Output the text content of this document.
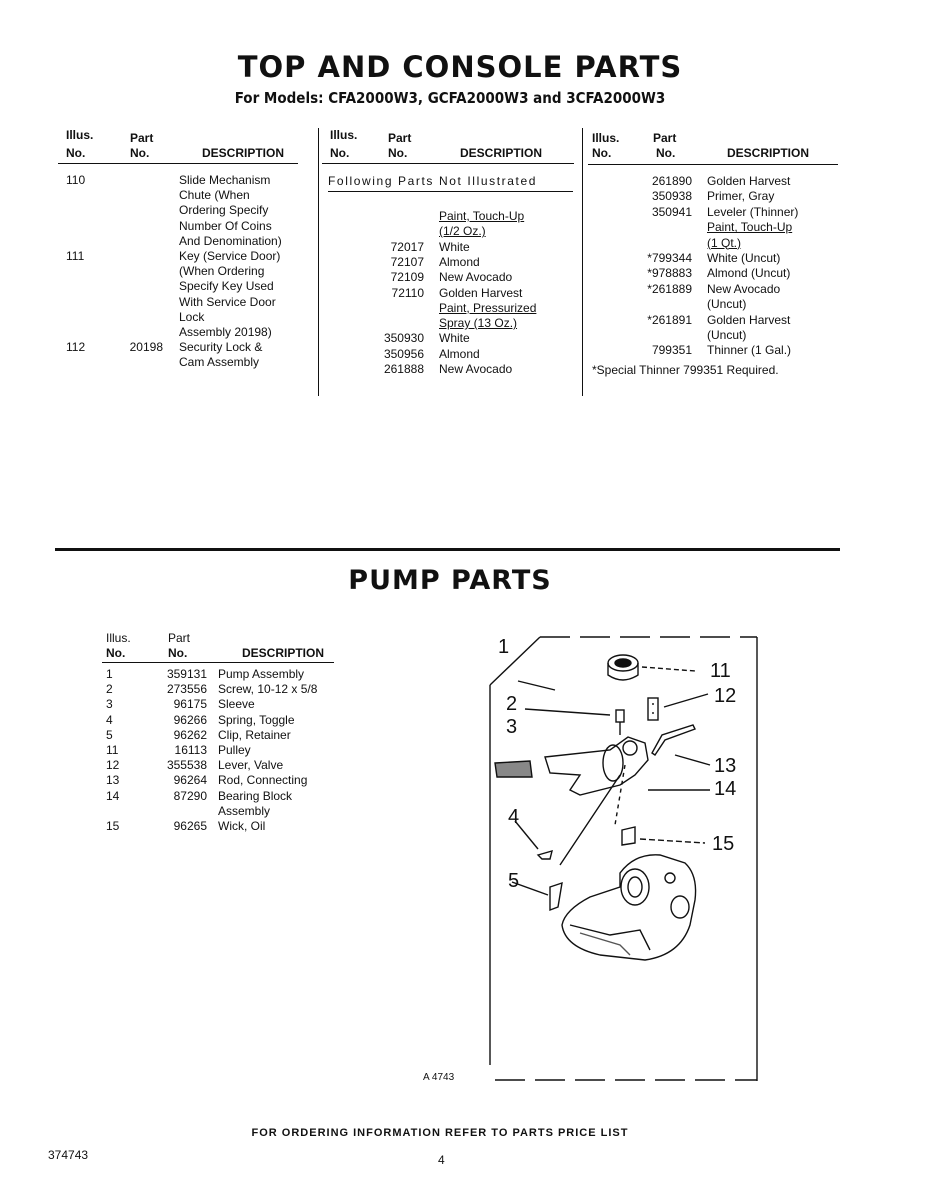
TOP AND CONSOLE PARTS
For Models: CFA2000W3, GCFA2000W3 and 3CFA2000W3
Illus.
No.
Part
No.	DESCRIPTION
110	Slide Mechanism
Chute (When
Ordering Specify
Number Of Coins
And Denomination)
111	Key (Service Door)
(When Ordering
Specify Key Used
With Service Door
Lock
Assembly 20198)
112	20198 Security Lock &
Cam Assembly
Illus.
No.
Part
No.	DESCRIPTION
Following Parts Not Illustrated
Paint, Touch-Up
(1/2 Oz.)
72017 White
72107 Almond
72109 New Avocado
72110 Golden Harvest
Paint, Pressurized
Spray (13 Oz.)
350930 White
350956 Almond
261888 New Avocado
Illus.
No.
Part
No.	DESCRIPTION
261890 Golden Harvest
350938 Primer, Gray
350941 Leveler (Thinner)
Paint, Touch-Up
(1 Qt.)
*799344 White (Uncut)
*978883 Almond (Uncut)
*261889 New Avocado
(Uncut)
*261891 Golden Harvest
(Uncut)
799351 Thinner (1 Gal.)
*Special Thinner 799351 Required.
PUMP PARTS
Illus.
No.
Part
No.	DESCRIPTION
1	359131 Pump Assembly
2	273556 Screw, 10-12 x 5/8
3	96175 Sleeve
4	96266 Spring, Toggle
5	96262 Clip, Retainer
11	16113 Pulley
12	355538 Lever, Valve
13	96264 Rod, Connecting
14	87290 Bearing Block
Assembly
15	96265 Wick, Oil
1
2
3
4
5
11
12
13
14
15
A 4743
FOR ORDERING INFORMATION REFER TO PARTS PRICE LIST
374743	4
